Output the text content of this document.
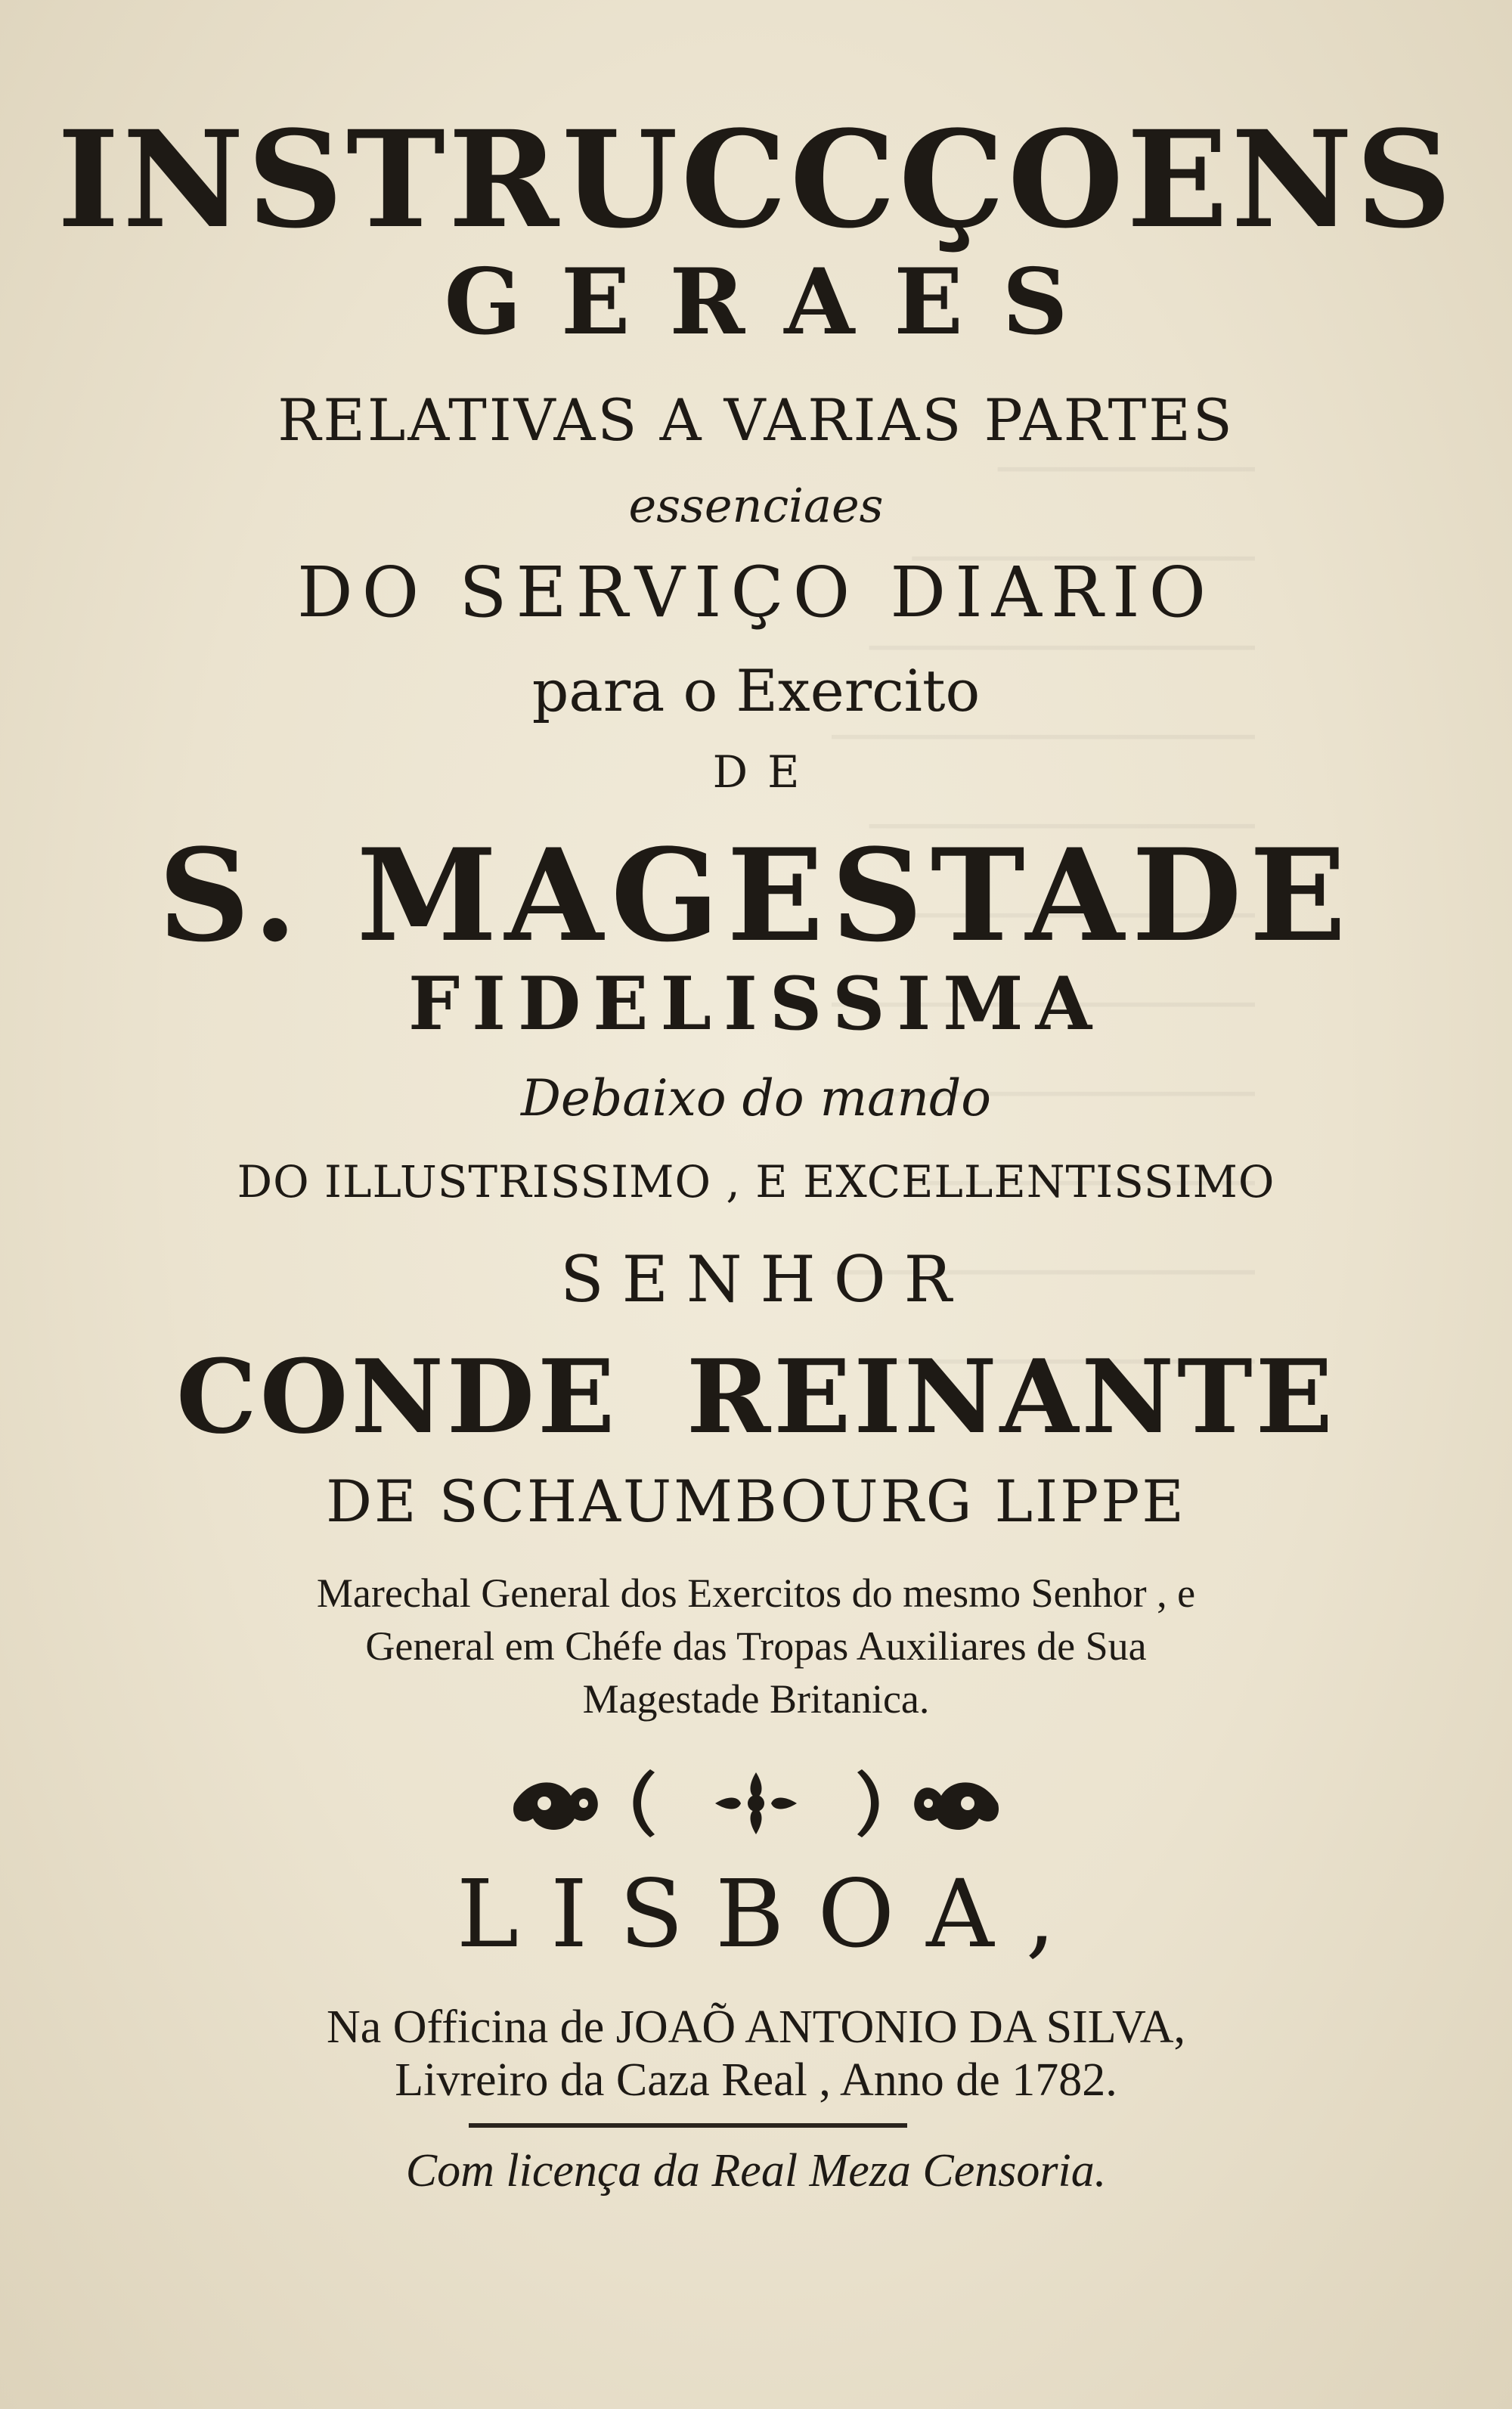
INSTRUCCÇOENS
GERAES
RELATIVAS A VARIAS PARTES
essenciaes
DO SERVIÇO DIARIO
para o Exercito
DE
S. MAGESTADE
FIDELISSIMA
Debaixo do mando
DO ILLUSTRISSIMO , E EXCELLENTISSIMO
SENHOR
CONDE REINANTE
DE SCHAUMBOURG LIPPE
Marechal General dos Exercitos do mesmo Senhor , e
General em Chéfe das Tropas Auxiliares de Sua
Magestade Britanica.
LISBOA,
Na Officina de JOAÕ ANTONIO DA SILVA,
Livreiro da Caza Real , Anno de 1782.
Com licença da Real Meza Censoria.
